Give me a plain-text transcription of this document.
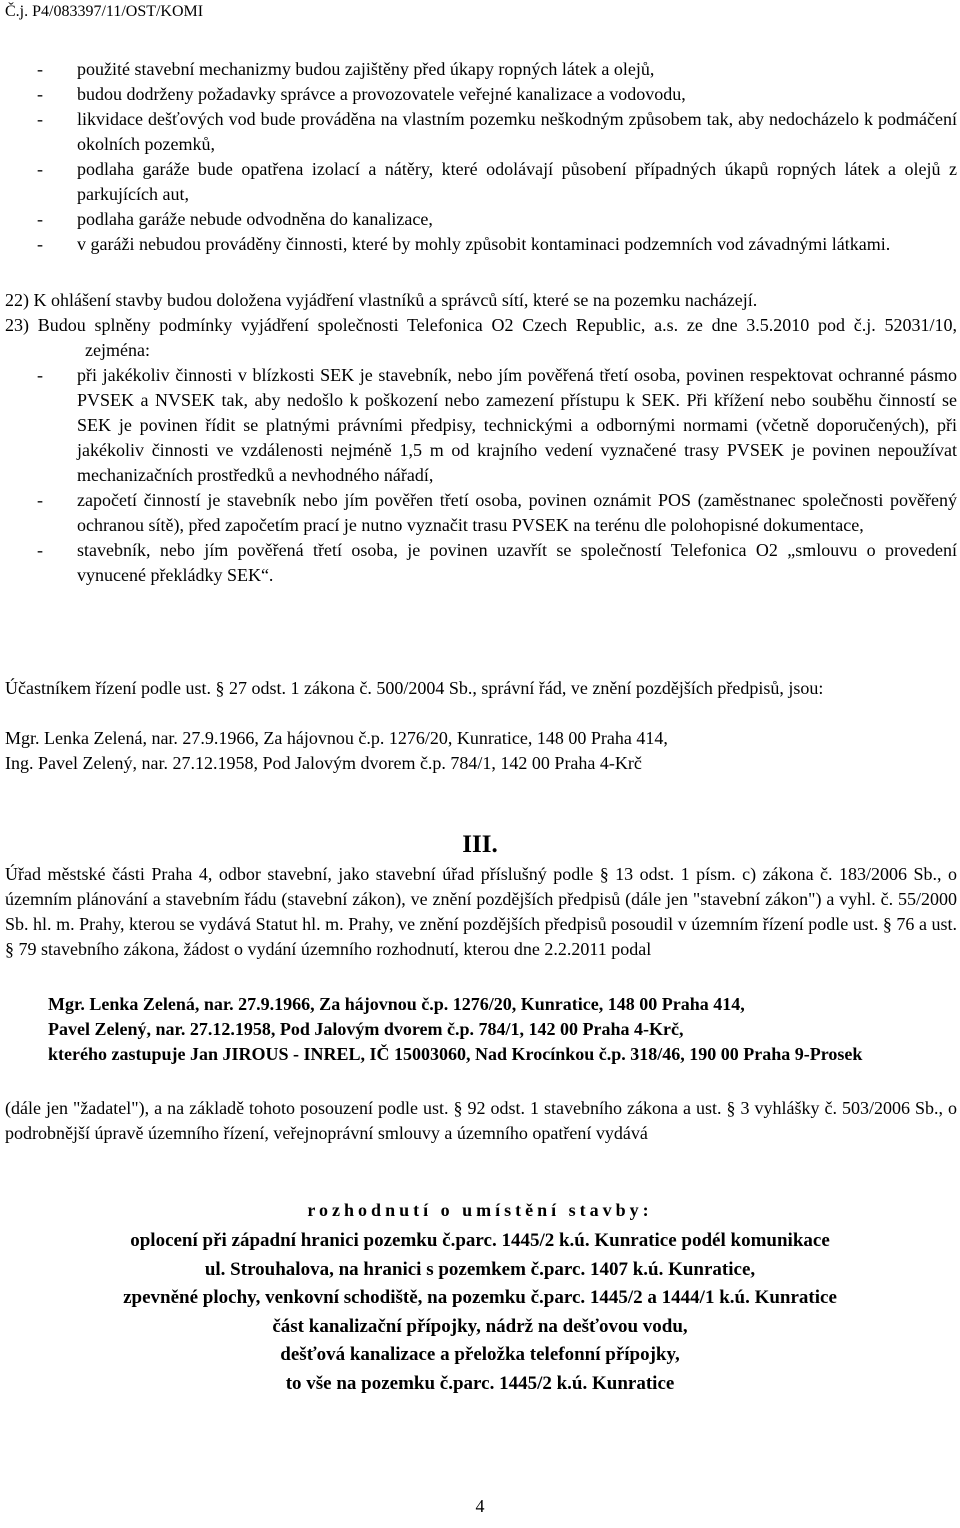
Č.j. P4/083397/11/OST/KOMI

- použité stavební mechanizmy budou zajištěny před úkapy ropných látek a olejů,

- budou dodrženy požadavky správce a provozovatele veřejné kanalizace a vodovodu,

- likvidace dešťových vod bude prováděna na vlastním pozemku neškodným způsobem tak, aby nedocházelo k podmáčení okolních pozemků,

- podlaha garáže bude opatřena izolací a nátěry, které odolávají působení případných úkapů ropných látek a olejů z parkujících aut,

- podlaha garáže nebude odvodněna do kanalizace,

- v garáži nebudou prováděny činnosti, které by mohly způsobit kontaminaci podzemních vod závadnými látkami.

22) K ohlášení stavby budou doložena vyjádření vlastníků a správců sítí, které se na pozemku nacházejí.

23) Budou splněny podmínky vyjádření společnosti Telefonica O2 Czech Republic, a.s. ze dne 3.5.2010 pod č.j. 52031/10, zejména:

- při jakékoliv činnosti v blízkosti SEK je stavebník, nebo jím pověřená třetí osoba, povinen respektovat ochranné pásmo PVSEK a NVSEK tak, aby nedošlo k poškození nebo zamezení přístupu k SEK. Při křížení nebo souběhu činností se SEK je povinen řídit se platnými právními předpisy, technickými a odbornými normami (včetně doporučených), při jakékoliv činnosti ve vzdálenosti nejméně 1,5 m od krajního vedení vyznačené trasy PVSEK je povinen nepoužívat mechanizačních prostředků a nevhodného nářadí,

- započetí činností je stavebník nebo jím pověřen třetí osoba, povinen oznámit POS (zaměstnanec společnosti pověřený ochranou sítě), před započetím prací je nutno vyznačit trasu PVSEK na terénu dle polohopisné dokumentace,

- stavebník, nebo jím pověřená třetí osoba, je povinen uzavřít se společností Telefonica O2 „smlouvu o provedení vynucené překládky SEK“.

Účastníkem řízení podle ust. § 27 odst. 1 zákona č. 500/2004 Sb., správní řád, ve znění pozdějších předpisů, jsou:
Mgr. Lenka Zelená, nar. 27.9.1966, Za hájovnou č.p. 1276/20, Kunratice, 148 00 Praha 414,
Ing. Pavel Zelený, nar. 27.12.1958, Pod Jalovým dvorem č.p. 784/1, 142 00 Praha 4-Krč
III.
Úřad městské části Praha 4, odbor stavební, jako stavební úřad příslušný podle § 13 odst. 1 písm. c) zákona č. 183/2006 Sb., o územním plánování a stavebním řádu (stavební zákon), ve znění pozdějších předpisů (dále jen "stavební zákon") a vyhl. č. 55/2000 Sb. hl. m. Prahy, kterou se vydává Statut hl. m. Prahy, ve znění pozdějších předpisů posoudil v územním řízení podle ust. § 76 a ust. § 79 stavebního zákona, žádost o vydání územního rozhodnutí, kterou dne 2.2.2011 podal

Mgr. Lenka Zelená, nar. 27.9.1966, Za hájovnou č.p. 1276/20, Kunratice, 148 00 Praha 414,

Pavel Zelený, nar. 27.12.1958, Pod Jalovým dvorem č.p. 784/1, 142 00 Praha 4-Krč,

kterého zastupuje Jan JIROUS - INREL, IČ 15003060, Nad Krocínkou č.p. 318/46, 190 00 Praha 9-Prosek

(dále jen "žadatel"), a na základě tohoto posouzení podle ust. § 92 odst. 1 stavebního zákona a ust. § 3 vyhlášky č. 503/2006 Sb., o podrobnější úpravě územního řízení, veřejnoprávní smlouvy a územního opatření vydává
rozhodnutí o umístění stavby:

oplocení při západní hranici pozemku č.parc. 1445/2 k.ú. Kunratice podél komunikace

ul. Strouhalova, na hranici s pozemkem č.parc. 1407 k.ú. Kunratice,

zpevněné plochy, venkovní schodiště, na pozemku č.parc. 1445/2 a 1444/1 k.ú. Kunratice

část kanalizační přípojky, nádrž na dešťovou vodu,

dešťová kanalizace a přeložka telefonní přípojky,

to vše na pozemku č.parc. 1445/2 k.ú. Kunratice

4
